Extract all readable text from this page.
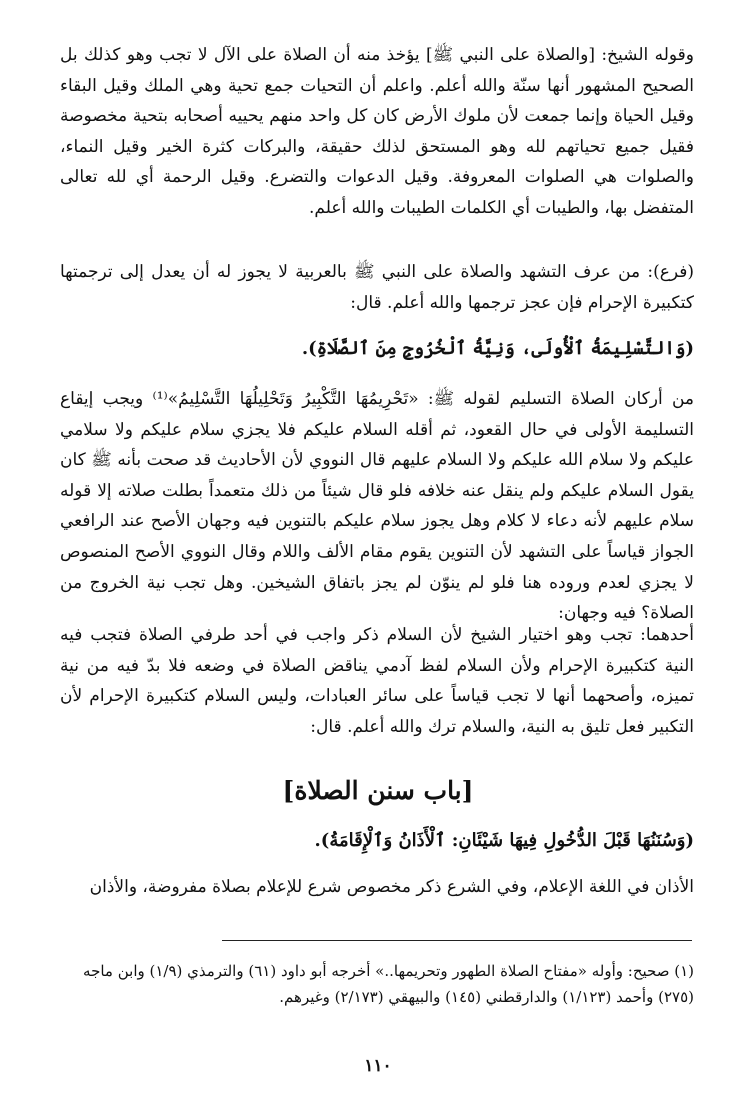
وقوله الشيخ: [والصلاة على النبي ﷺ] يؤخذ منه أن الصلاة على الآل لا تجب وهو كذلك بل الصحيح المشهور أنها سنّة والله أعلم. واعلم أن التحيات جمع تحية وهي الملك وقيل البقاء وقيل الحياة وإنما جمعت لأن ملوك الأرض كان كل واحد منهم يحييه أصحابه بتحية مخصوصة فقيل جميع تحياتهم لله وهو المستحق لذلك حقيقة، والبركات كثرة الخير وقيل النماء، والصلوات هي الصلوات المعروفة. وقيل الدعوات والتضرع. وقيل الرحمة أي لله تعالى المتفضل بها، والطيبات أي الكلمات الطيبات والله أعلم.

(فرع): من عرف التشهد والصلاة على النبي ﷺ بالعربية لا يجوز له أن يعدل إلى ترجمتها كتكبيرة الإحرام فإن عجز ترجمها والله أعلم. قال:

(وَالتَّسْلِيمَةُ ٱلْأُولَى، وَنِيَّةُ ٱلْخُرُوجِ مِنَ ٱلصَّلَاةِ).

من أركان الصلاة التسليم لقوله ﷺ: «تَحْرِيمُهَا التَّكْبِيرُ وَتَحْلِيلُهَا التَّسْلِيمُ»⁽¹⁾ ويجب إيقاع التسليمة الأولى في حال القعود، ثم أقله السلام عليكم فلا يجزي سلام عليكم ولا سلامي عليكم ولا سلام الله عليكم ولا السلام عليهم قال النووي لأن الأحاديث قد صحت بأنه ﷺ كان يقول السلام عليكم ولم ينقل عنه خلافه فلو قال شيئاً من ذلك متعمداً بطلت صلاته إلا قوله سلام عليهم لأنه دعاء لا كلام وهل يجوز سلام عليكم بالتنوين فيه وجهان الأصح عند الرافعي الجواز قياساً على التشهد لأن التنوين يقوم مقام الألف واللام وقال النووي الأصح المنصوص لا يجزي لعدم وروده هنا فلو لم ينوّن لم يجز باتفاق الشيخين. وهل تجب نية الخروج من الصلاة؟ فيه وجهان:

أحدهما: تجب وهو اختيار الشيخ لأن السلام ذكر واجب في أحد طرفي الصلاة فتجب فيه النية كتكبيرة الإحرام ولأن السلام لفظ آدمي يناقض الصلاة في وضعه فلا بدّ فيه من نية تميزه، وأصحهما أنها لا تجب قياساً على سائر العبادات، وليس السلام كتكبيرة الإحرام لأن التكبير فعل تليق به النية، والسلام ترك والله أعلم. قال:

[باب سنن الصلاة]

(وَسُنَنُهَا قَبْلَ الدُّخُولِ فِيهَا شَيْئَانِ: ٱلْأَذَانُ وَٱلْإِقَامَةُ).

الأذان في اللغة الإعلام، وفي الشرع ذكر مخصوص شرع للإعلام بصلاة مفروضة، والأذان

(١) صحيح: وأوله «مفتاح الصلاة الطهور وتحريمها..» أخرجه أبو داود (٦١) والترمذي (١/٩) وابن ماجه (٢٧٥) وأحمد (١/١٢٣) والدارقطني (١٤٥) والبيهقي (٢/١٧٣) وغيرهم.

١١٠
